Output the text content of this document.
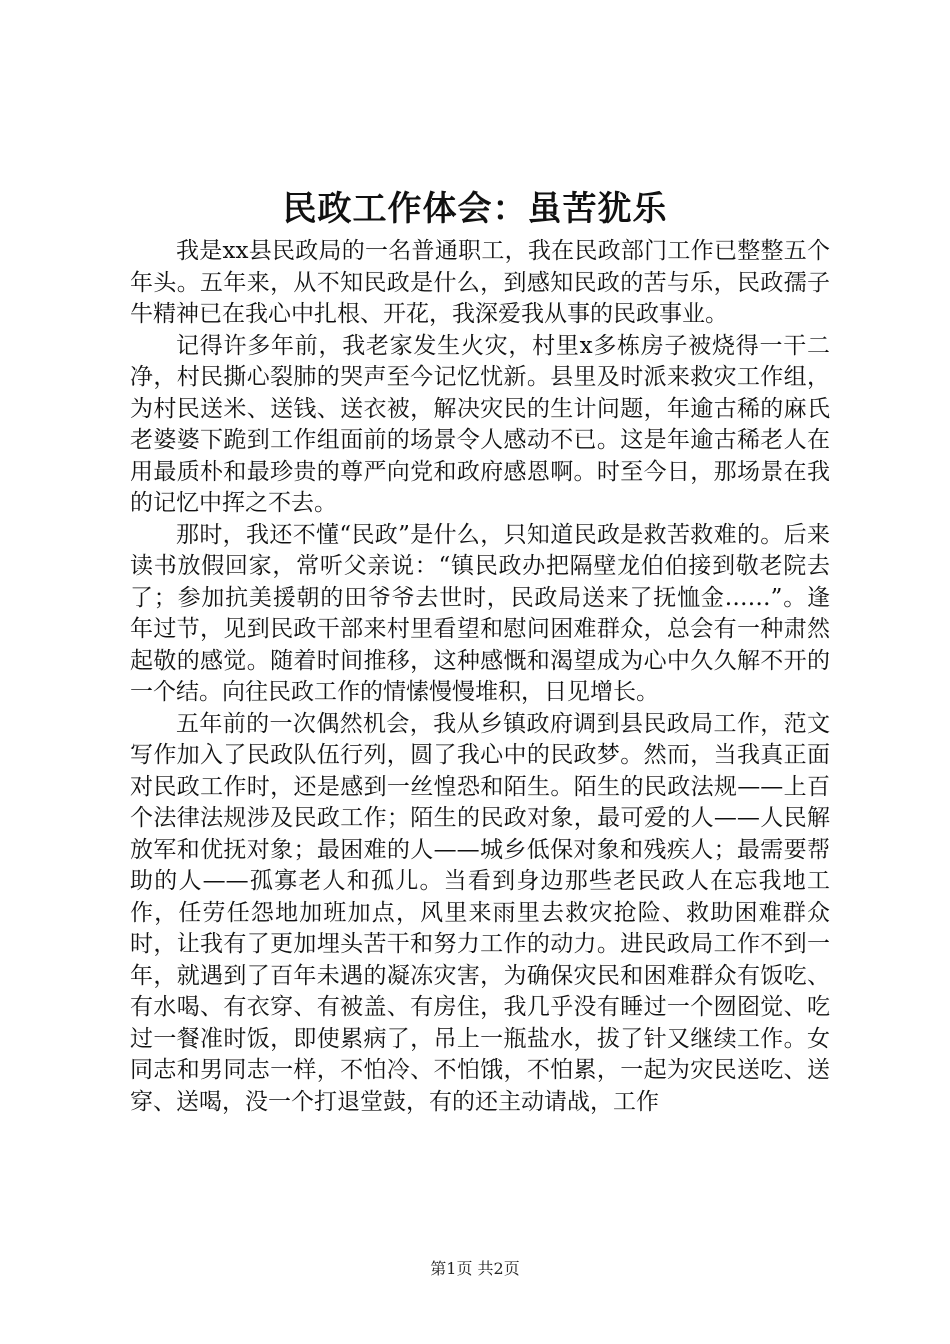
民政工作体会：虽苦犹乐

我是xx县民政局的一名普通职工，我在民政部门工作已整整五个年头。五年来，从不知民政是什么，到感知民政的苦与乐，民政孺子牛精神已在我心中扎根、开花，我深爱我从事的民政事业。

记得许多年前，我老家发生火灾，村里x多栋房子被烧得一干二净，村民撕心裂肺的哭声至今记忆忧新。县里及时派来救灾工作组，为村民送米、送钱、送衣被，解决灾民的生计问题，年逾古稀的麻氏老婆婆下跪到工作组面前的场景令人感动不已。这是年逾古稀老人在用最质朴和最珍贵的尊严向党和政府感恩啊。时至今日，那场景在我的记忆中挥之不去。

那时，我还不懂“民政”是什么，只知道民政是救苦救难的。后来读书放假回家，常听父亲说：“镇民政办把隔壁龙伯伯接到敬老院去了；参加抗美援朝的田爷爷去世时，民政局送来了抚恤金……”。逢年过节，见到民政干部来村里看望和慰问困难群众，总会有一种肃然起敬的感觉。随着时间推移，这种感慨和渴望成为心中久久解不开的一个结。向往民政工作的情愫慢慢堆积，日见增长。

五年前的一次偶然机会，我从乡镇政府调到县民政局工作，范文写作加入了民政队伍行列，圆了我心中的民政梦。然而，当我真正面对民政工作时，还是感到一丝惶恐和陌生。陌生的民政法规——上百个法律法规涉及民政工作；陌生的民政对象，最可爱的人——人民解放军和优抚对象；最困难的人——城乡低保对象和残疾人；最需要帮助的人——孤寡老人和孤儿。当看到身边那些老民政人在忘我地工作，任劳任怨地加班加点，风里来雨里去救灾抢险、救助困难群众时，让我有了更加埋头苦干和努力工作的动力。进民政局工作不到一年，就遇到了百年未遇的凝冻灾害，为确保灾民和困难群众有饭吃、有水喝、有衣穿、有被盖、有房住，我几乎没有睡过一个囫囵觉、吃过一餐准时饭，即使累病了，吊上一瓶盐水，拔了针又继续工作。女同志和男同志一样，不怕冷、不怕饿，不怕累，一起为灾民送吃、送穿、送喝，没一个打退堂鼓，有的还主动请战，工作

第1页 共2页
